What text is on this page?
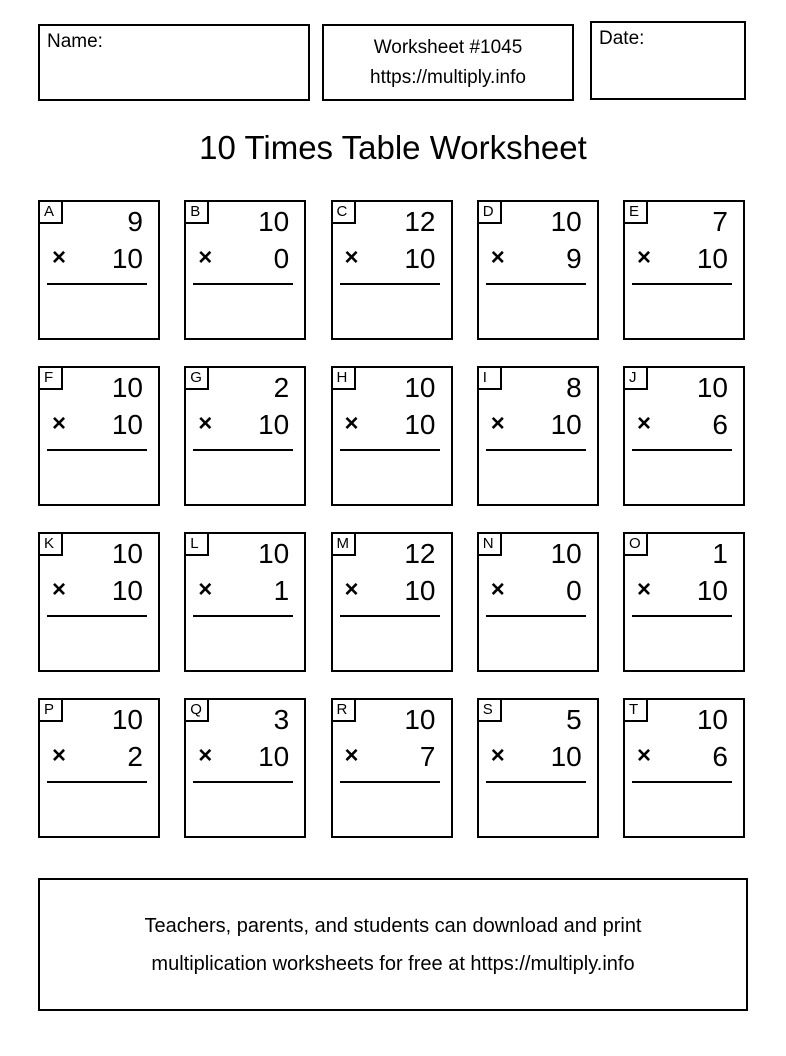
Name:	Worksheet #1045
https://multiply.info
Date:
10 Times Table Worksheet
A	9
× 10
B	10
× 0
C 12
× 10
D 10
× 9
E	7
× 10
F	10
× 10
G	2
× 10
H 10
× 10
I	8
× 10
J	10
× 6
K	10
× 10
L	10
× 1
M 12
× 10
N 10
× 0
O	1
× 10
P	10
× 2
Q	3
× 10
R 10
× 7
S	5
× 10
T	10
× 6
Teachers, parents, and students can download and print
multiplication worksheets for free at https://multiply.info
